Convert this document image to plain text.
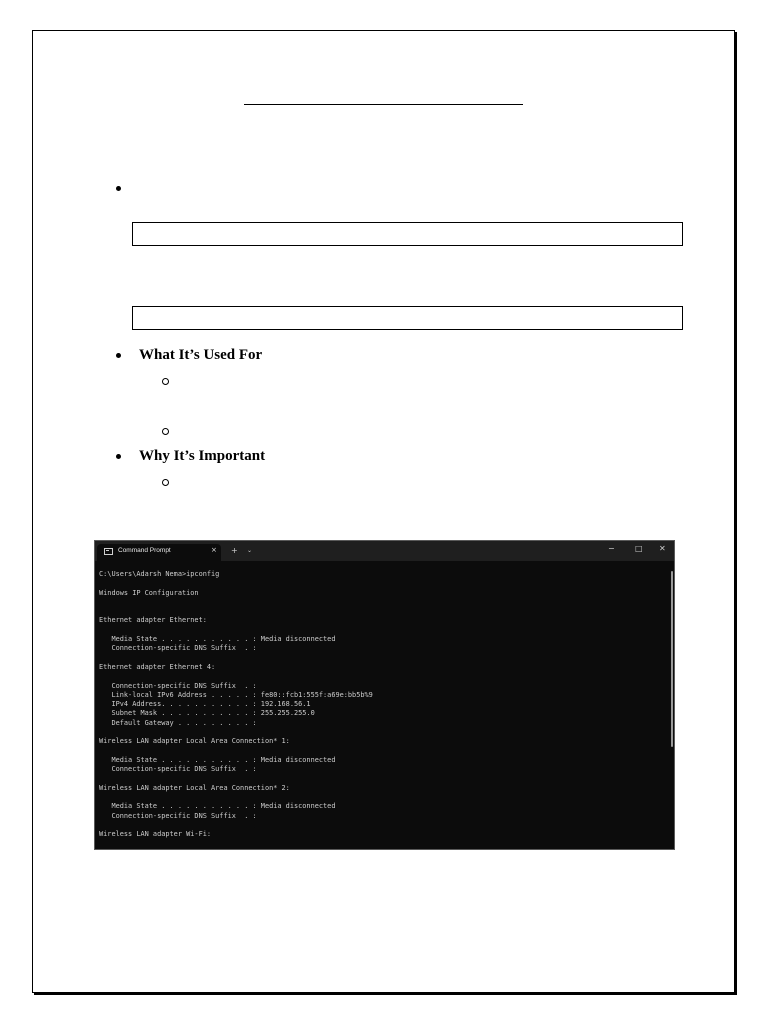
What It’s Used For
Why It’s Important
Command Prompt	× + ⌄	−	□ ✕
C:\Users\Adarsh Nema>ipconfig
Windows IP Configuration
Ethernet adapter Ethernet:
Media State . . . . . . . . . . . : Media disconnected
Connection-specific DNS Suffix  . :
Ethernet adapter Ethernet 4:
Connection-specific DNS Suffix  . :
Link-local IPv6 Address . . . . . : fe80::fcb1:555f:a69e:bb5b%9
IPv4 Address. . . . . . . . . . . : 192.168.56.1
Subnet Mask . . . . . . . . . . . : 255.255.255.0
Default Gateway . . . . . . . . . :
Wireless LAN adapter Local Area Connection* 1:
Media State . . . . . . . . . . . : Media disconnected
Connection-specific DNS Suffix  . :
Wireless LAN adapter Local Area Connection* 2:
Media State . . . . . . . . . . . : Media disconnected
Connection-specific DNS Suffix  . :
Wireless LAN adapter Wi-Fi:
